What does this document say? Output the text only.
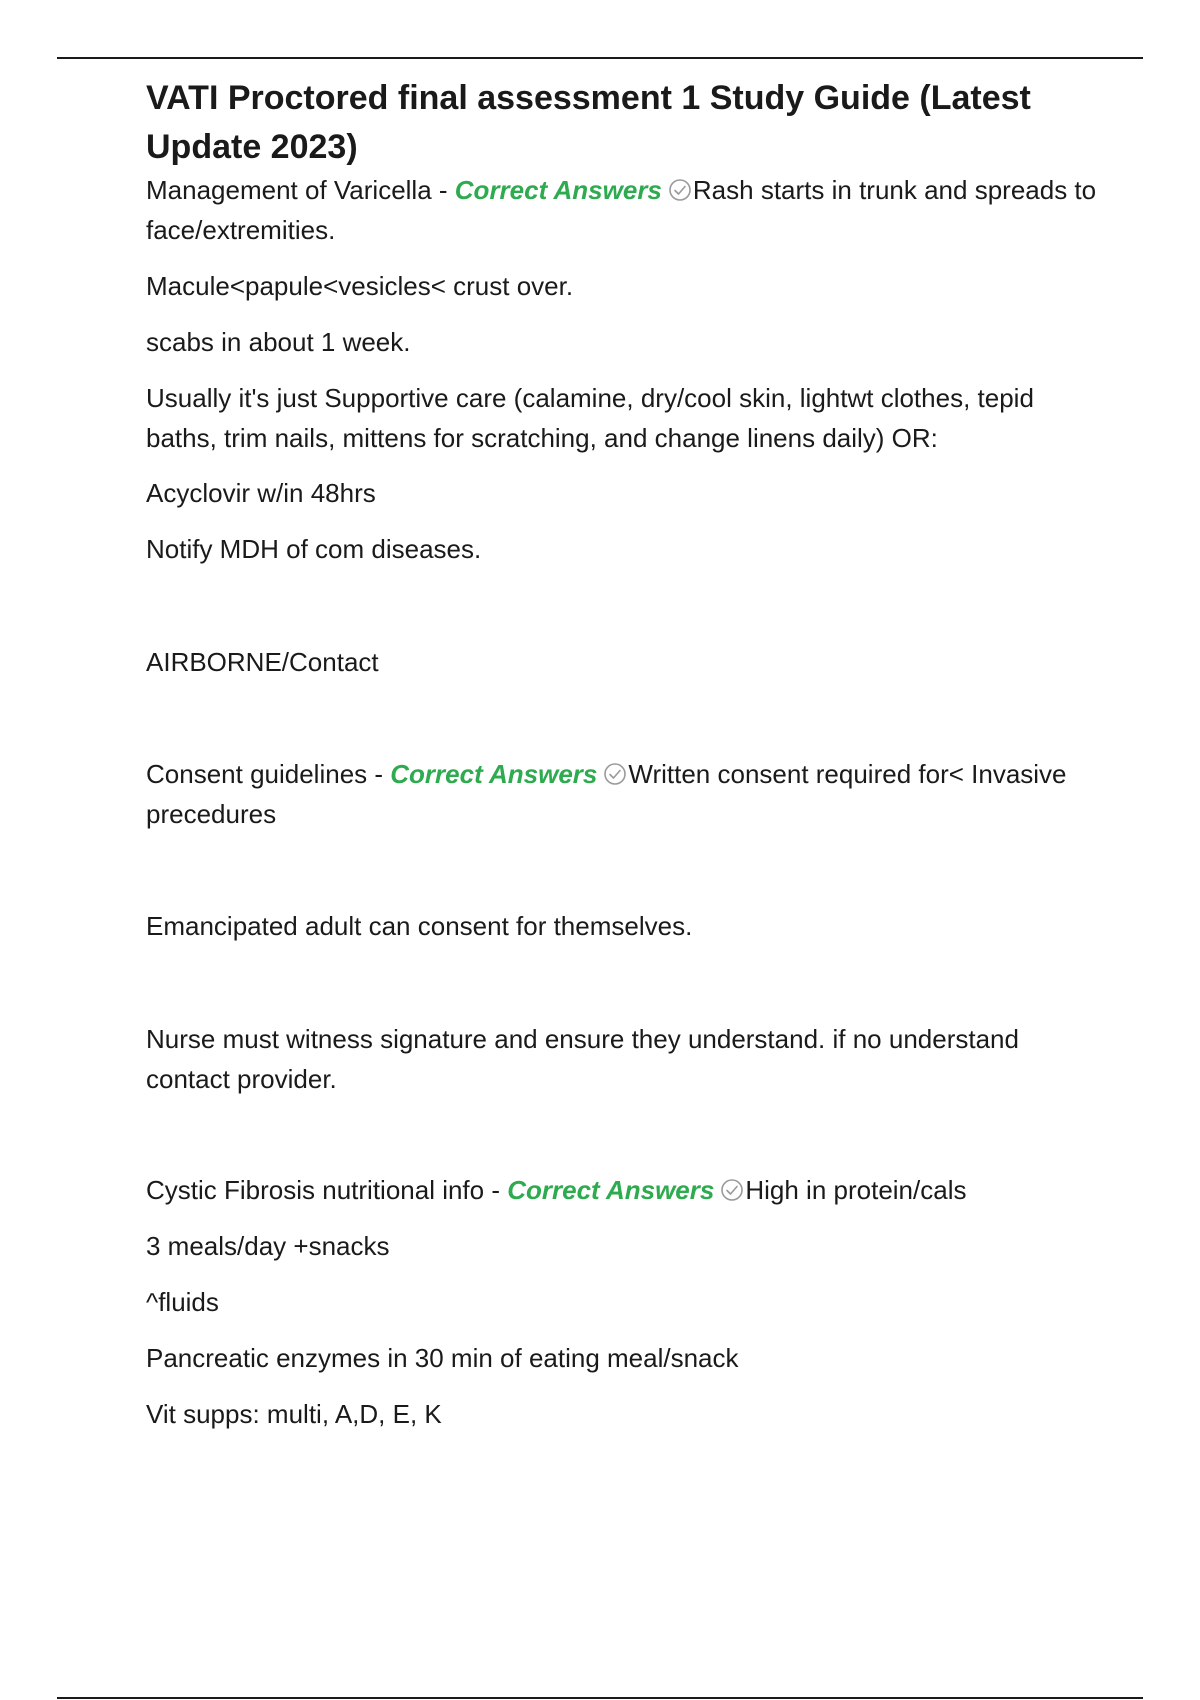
VATI Proctored final assessment 1 Study Guide (Latest Update 2023)

Management of Varicella - Correct Answers Rash starts in trunk and spreads to face/extremities.

Macule<papule<vesicles< crust over.

scabs in about 1 week.

Usually it's just Supportive care (calamine, dry/cool skin, lightwt clothes, tepid baths, trim nails, mittens for scratching, and change linens daily) OR:

Acyclovir w/in 48hrs

Notify MDH of com diseases.

AIRBORNE/Contact

Consent guidelines - Correct Answers Written consent required for< Invasive precedures

Emancipated adult can consent for themselves.

Nurse must witness signature and ensure they understand. if no understand contact provider.

Cystic Fibrosis nutritional info - Correct Answers High in protein/cals

3 meals/day +snacks

^fluids

Pancreatic enzymes in 30 min of eating meal/snack

Vit supps: multi, A,D, E, K
